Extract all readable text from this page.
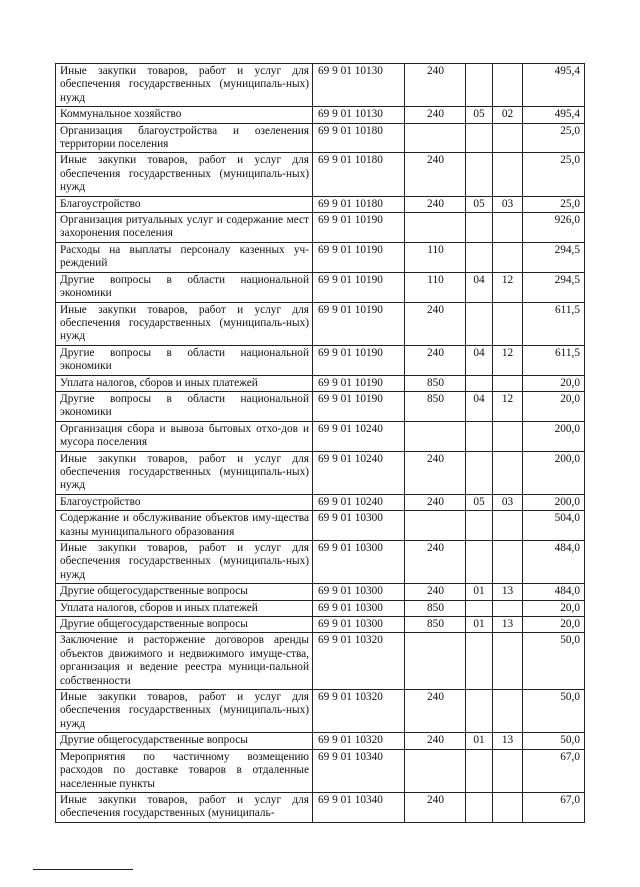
Иные закупки товаров, работ и услуг для обеспечения государственных (муниципаль-ных) нужд	69 9 01 10130	240			495,4
Коммунальное хозяйство	69 9 01 10130	240	05	02	495,4
Организация благоустройства и озеленения территории поселения	69 9 01 10180				25,0
Иные закупки товаров, работ и услуг для обеспечения государственных (муниципаль-ных) нужд	69 9 01 10180	240			25,0
Благоустройство	69 9 01 10180	240	05	03	25,0
Организация ритуальных услуг и содержание мест захоронения поселения	69 9 01 10190				926,0
Расходы на выплаты персоналу казенных уч-реждений	69 9 01 10190	110			294,5
Другие вопросы в области национальной экономики	69 9 01 10190	110	04	12	294,5
Иные закупки товаров, работ и услуг для обеспечения государственных (муниципаль-ных) нужд	69 9 01 10190	240			611,5
Другие вопросы в области национальной экономики	69 9 01 10190	240	04	12	611,5
Уплата налогов, сборов и иных платежей	69 9 01 10190	850			20,0
Другие вопросы в области национальной экономики	69 9 01 10190	850	04	12	20,0
Организация сбора и вывоза бытовых отхо-дов и мусора поселения	69 9 01 10240				200,0
Иные закупки товаров, работ и услуг для обеспечения государственных (муниципаль-ных) нужд	69 9 01 10240	240			200,0
Благоустройство	69 9 01 10240	240	05	03	200,0
Содержание и обслуживание объектов иму-щества казны муниципального образования	69 9 01 10300				504,0
Иные закупки товаров, работ и услуг для обеспечения государственных (муниципаль-ных) нужд	69 9 01 10300	240			484,0
Другие общегосударственные вопросы	69 9 01 10300	240	01	13	484,0
Уплата налогов, сборов и иных платежей	69 9 01 10300	850			20,0
Другие общегосударственные вопросы	69 9 01 10300	850	01	13	20,0
Заключение и расторжение договоров аренды объектов движимого и недвижимого имуще-ства, организация и ведение реестра муници-пальной собственности	69 9 01 10320				50,0
Иные закупки товаров, работ и услуг для обеспечения государственных (муниципаль-ных) нужд	69 9 01 10320	240			50,0
Другие общегосударственные вопросы	69 9 01 10320	240	01	13	50,0
Мероприятия по частичному возмещению расходов по доставке товаров в отдаленные населенные пункты	69 9 01 10340				67,0
Иные закупки товаров, работ и услуг для обеспечения государственных (муниципаль-	69 9 01 10340	240			67,0
